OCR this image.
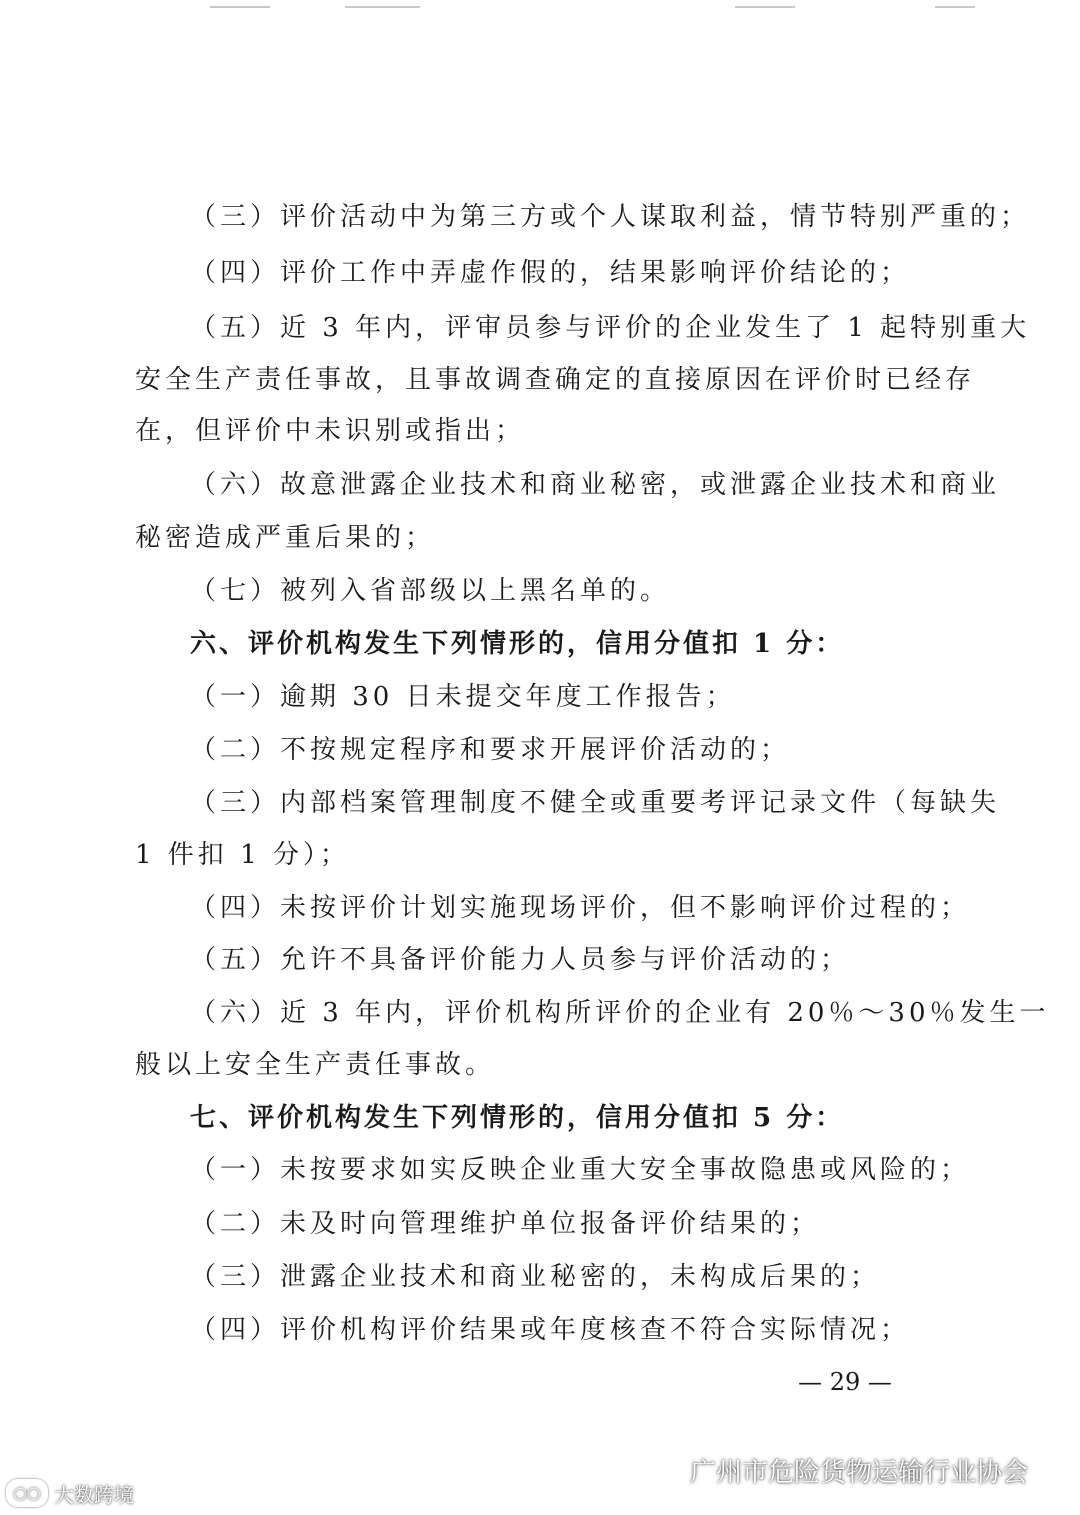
（三）评价活动中为第三方或个人谋取利益，情节特别严重的；
（四）评价工作中弄虚作假的，结果影响评价结论的；
（五）近 3 年内，评审员参与评价的企业发生了 1 起特别重大
安全生产责任事故，且事故调查确定的直接原因在评价时已经存
在，但评价中未识别或指出；
（六）故意泄露企业技术和商业秘密，或泄露企业技术和商业
秘密造成严重后果的；
（七）被列入省部级以上黑名单的。
六、评价机构发生下列情形的，信用分值扣 1 分：
（一）逾期 30 日未提交年度工作报告；
（二）不按规定程序和要求开展评价活动的；
（三）内部档案管理制度不健全或重要考评记录文件（每缺失
1 件扣 1 分）；
（四）未按评价计划实施现场评价，但不影响评价过程的；
（五）允许不具备评价能力人员参与评价活动的；
（六）近 3 年内，评价机构所评价的企业有 20％～30％发生一
般以上安全生产责任事故。
七、评价机构发生下列情形的，信用分值扣 5 分：
（一）未按要求如实反映企业重大安全事故隐患或风险的；
（二）未及时向管理维护单位报备评价结果的；
（三）泄露企业技术和商业秘密的，未构成后果的；
（四）评价机构评价结果或年度核查不符合实际情况；
— 29 —
◯◯ 大数跨境
广州市危险货物运输行业协会
